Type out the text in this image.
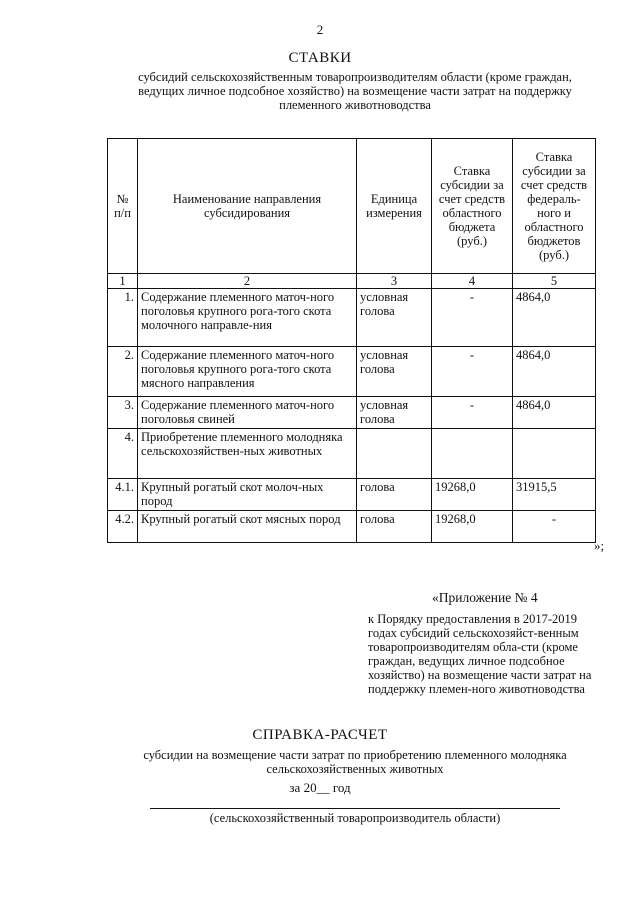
2
СТАВКИ
субсидий сельскохозяйственным товаропроизводителям области (кроме граждан, ведущих личное подсобное хозяйство) на возмещение части затрат на поддержку племенного животноводства
№ п/п	Наименование направления субсидирования	Единица измерения	Ставка субсидии за счет средств областного бюджета (руб.)	Ставка субсидии за счет средств федераль-ного и областного бюджетов (руб.)
1	2	3	4	5
1.	Содержание племенного маточ-ного поголовья крупного рога-того скота молочного направле-ния	условная голова	-	4864,0
2.	Содержание племенного маточ-ного поголовья крупного рога-того скота мясного направления	условная голова	-	4864,0
3.	Содержание племенного маточ-ного поголовья свиней	условная голова	-	4864,0
4.	Приобретение племенного молодняка сельскохозяйствен-ных животных			
4.1.	Крупный рогатый скот молоч-ных пород	голова	19268,0	31915,5
4.2.	Крупный рогатый скот мясных пород	голова	19268,0	-
»;
«Приложение № 4
к Порядку предоставления в 2017-2019 годах субсидий сельскохозяйст-венным товаропроизводителям обла-сти (кроме граждан, ведущих личное подсобное хозяйство) на возмещение части затрат на поддержку племен-ного животноводства
СПРАВКА-РАСЧЕТ
субсидии на возмещение части затрат по приобретению племенного молодняка сельскохозяйственных животных
за 20__ год
(сельскохозяйственный товаропроизводитель области)
